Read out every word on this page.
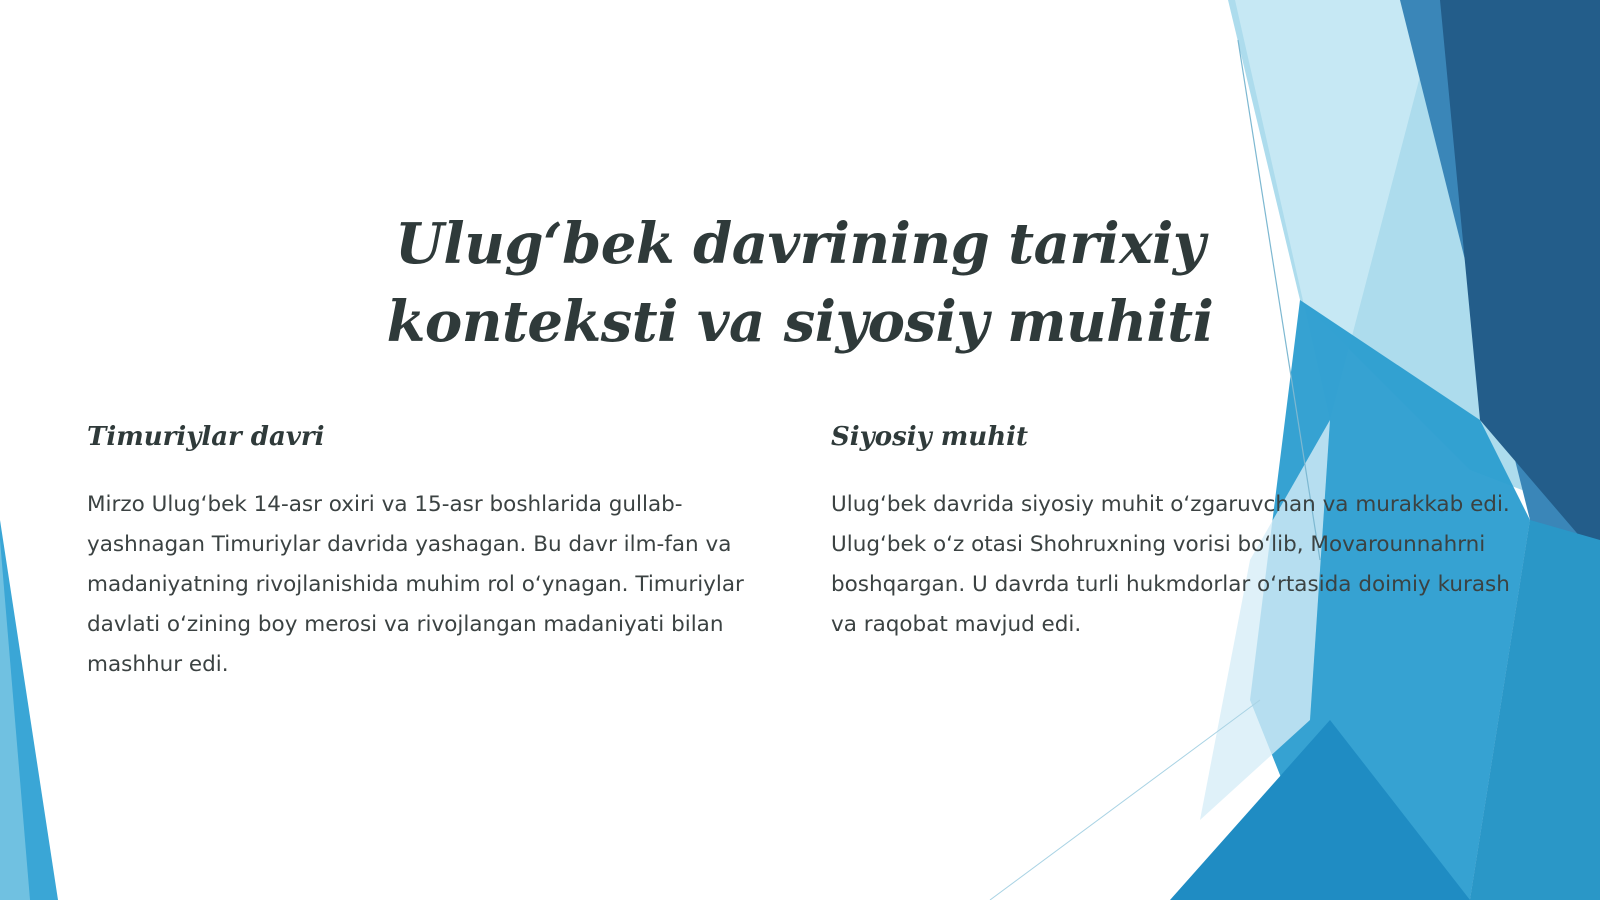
Ulug‘bek davrining tarixiy konteksti va siyosiy muhiti
Timuriylar davri

Mirzo Ulug‘bek 14-asr oxiri va 15-asr boshlarida gullab-yashnagan Timuriylar davrida yashagan. Bu davr ilm-fan va madaniyatning rivojlanishida muhim rol o‘ynagan. Timuriylar davlati o‘zining boy merosi va rivojlangan madaniyati bilan mashhur edi.

Siyosiy muhit

Ulug‘bek davrida siyosiy muhit o‘zgaruvchan va murakkab edi. Ulug‘bek o‘z otasi Shohruxning vorisi bo‘lib, Movarounnahrni boshqargan. U davrda turli hukmdorlar o‘rtasida doimiy kurash va raqobat mavjud edi.
